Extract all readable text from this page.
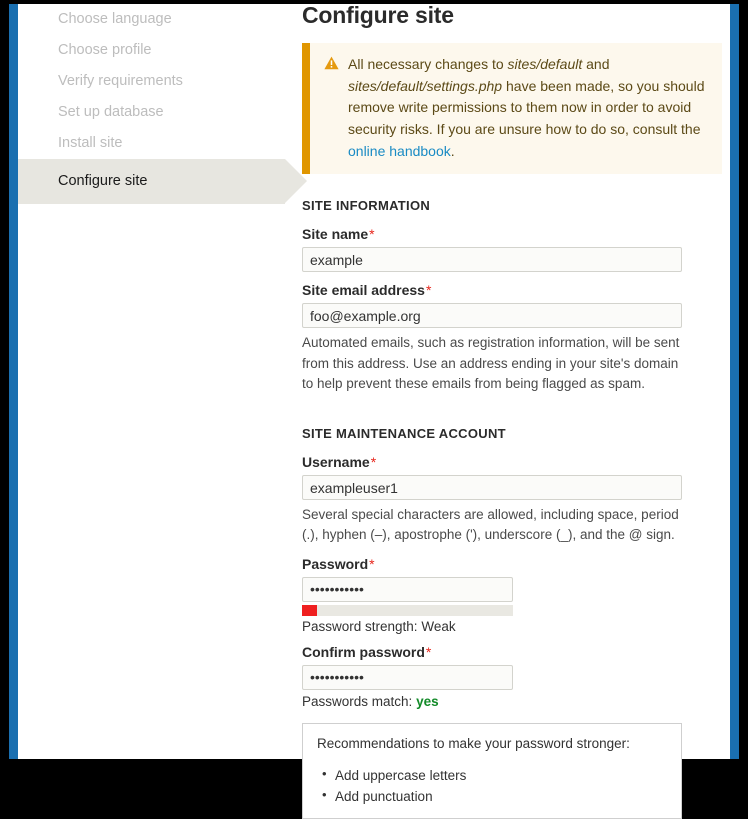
Choose language
Choose profile
Verify requirements
Set up database
Install site
Configure site
Configure site
All necessary changes to sites/default and sites/default/settings.php have been made, so you should remove write permissions to them now in order to avoid security risks. If you are unsure how to do so, consult the online handbook.
SITE INFORMATION
Site name*
example
Site email address*
foo@example.org

Automated emails, such as registration information, will be sent from this address. Use an address ending in your site's domain to help prevent these emails from being flagged as spam.

SITE MAINTENANCE ACCOUNT
Username*
exampleuser1

Several special characters are allowed, including space, period (.), hyphen (–), apostrophe ('), underscore (_), and the @ sign.

Password*
•••••••••••
Password strength: Weak
Confirm password*
•••••••••••
Passwords match: yes

Recommendations to make your password stronger:

• Add uppercase letters
• Add punctuation
